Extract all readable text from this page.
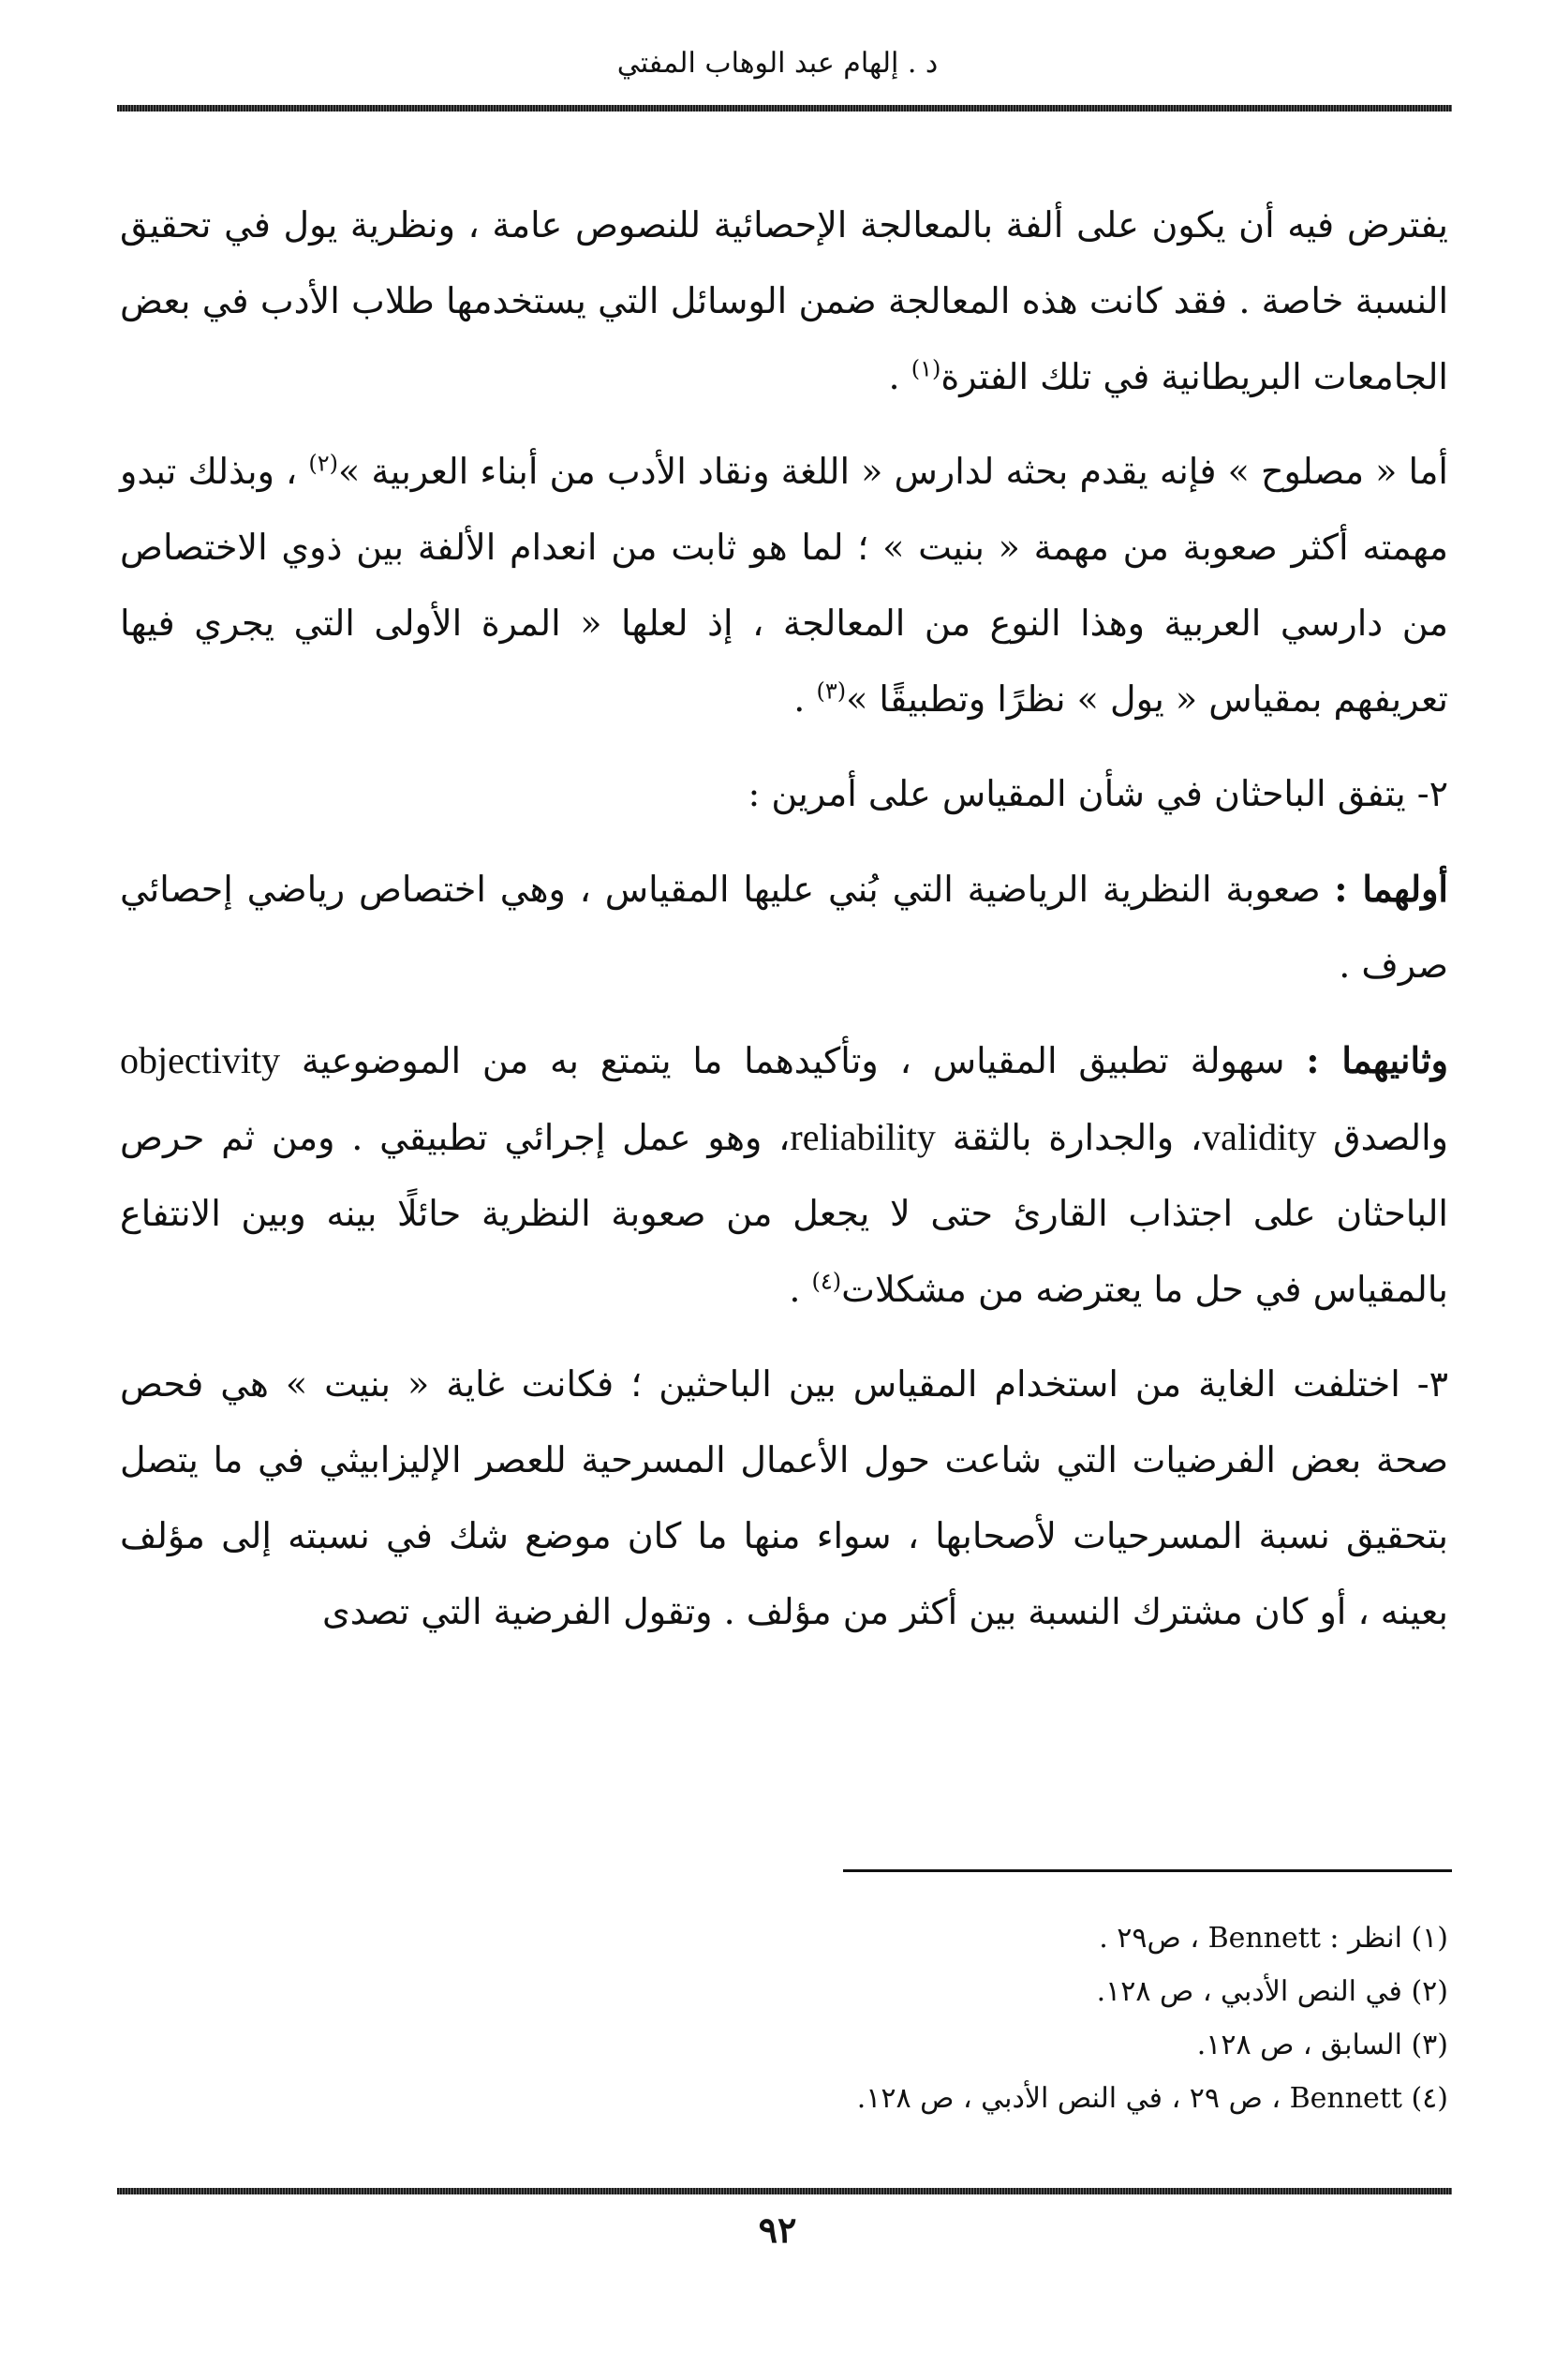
د . إلهام عبد الوهاب المفتي

يفترض فيه أن يكون على ألفة بالمعالجة الإحصائية للنصوص عامة ، ونظرية يول في تحقيق النسبة خاصة . فقد كانت هذه المعالجة ضمن الوسائل التي يستخدمها طلاب الأدب في بعض الجامعات البريطانية في تلك الفترة$^{(١)}$ .

أما « مصلوح » فإنه يقدم بحثه لدارس « اللغة ونقاد الأدب من أبناء العربية »$^{(٢)}$ ، وبذلك تبدو مهمته أكثر صعوبة من مهمة « بنيت » ؛ لما هو ثابت من انعدام الألفة بين ذوي الاختصاص من دارسي العربية وهذا النوع من المعالجة ، إذ لعلها « المرة الأولى التي يجري فيها تعريفهم بمقياس « يول » نظرًا وتطبيقًا »$^{(٣)}$ .

٢- يتفق الباحثان في شأن المقياس على أمرين :

أولهما : صعوبة النظرية الرياضية التي بُني عليها المقياس ، وهي اختصاص رياضي إحصائي صرف .

وثانيهما : سهولة تطبيق المقياس ، وتأكيدهما ما يتمتع به من الموضوعية objectivity والصدق validity، والجدارة بالثقة reliability، وهو عمل إجرائي تطبيقي . ومن ثم حرص الباحثان على اجتذاب القارئ حتى لا يجعل من صعوبة النظرية حائلًا بينه وبين الانتفاع بالمقياس في حل ما يعترضه من مشكلات$^{(٤)}$ .

٣- اختلفت الغاية من استخدام المقياس بين الباحثين ؛ فكانت غاية « بنيت » هي فحص صحة بعض الفرضيات التي شاعت حول الأعمال المسرحية للعصر الإليزابيثي في ما يتصل بتحقيق نسبة المسرحيات لأصحابها ، سواء منها ما كان موضع شك في نسبته إلى مؤلف بعينه ، أو كان مشترك النسبة بين أكثر من مؤلف . وتقول الفرضية التي تصدى

(١) انظر : Bennett ، ص٢٩ .
(٢) في النص الأدبي ، ص ١٢٨.
(٣) السابق ، ص ١٢٨.
(٤) Bennett ، ص ٢٩ ، في النص الأدبي ، ص ١٢٨.
٩٢
